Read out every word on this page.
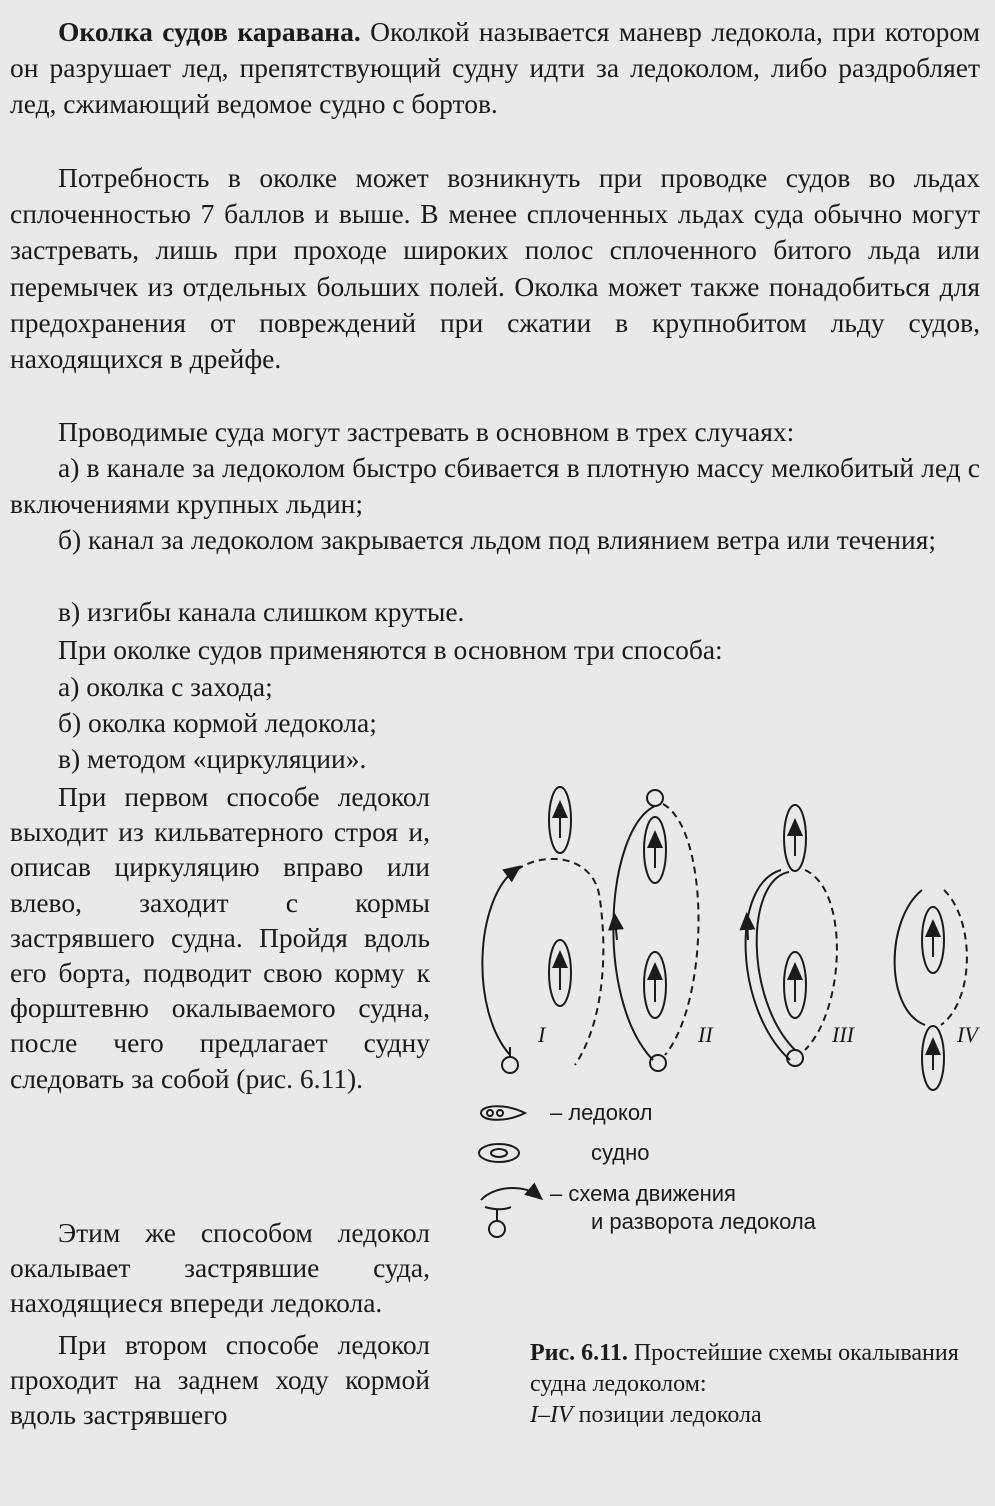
Околка судов каравана. Околкой называется маневр ледокола, при котором он разрушает лед, препятствующий судну идти за ледоколом, либо раздробляет лед, сжимающий ведомое судно с бортов.

Потребность в околке может возникнуть при проводке судов во льдах сплоченностью 7 баллов и выше. В менее сплоченных льдах суда обычно могут застревать, лишь при проходе широких полос сплоченного битого льда или перемычек из отдельных больших полей. Околка может также понадобиться для предохранения от повреждений при сжатии в крупнобитом льду судов, находящихся в дрейфе.

Проводимые суда могут застревать в основном в трех случаях:

а) в канале за ледоколом быстро сбивается в плотную массу мелкобитый лед с включениями крупных льдин;

б) канал за ледоколом закрывается льдом под влиянием ветра или течения;

в) изгибы канала слишком крутые.

При околке судов применяются в основном три способа:

а) околка с захода;

б) околка кормой ледокола;

в) методом «циркуляции».

При первом способе ледокол выходит из кильватерного строя и, описав циркуляцию вправо или влево, заходит с кормы застрявшего судна. Пройдя вдоль его борта, подводит свою корму к форштевню окалываемого судна, после чего предлагает судну следовать за собой (рис. 6.11).

Этим же способом ледокол окалывает застрявшие суда, находящиеся впереди ледокола.

При втором способе ледокол проходит на заднем ходу кормой вдоль застрявшего

I	II	III	IV
– ледокол
судно
– схема движения
и разворота ледокола

Рис. 6.11. Простейшие схемы окалывания судна ледоколом:
I–IV позиции ледокола
